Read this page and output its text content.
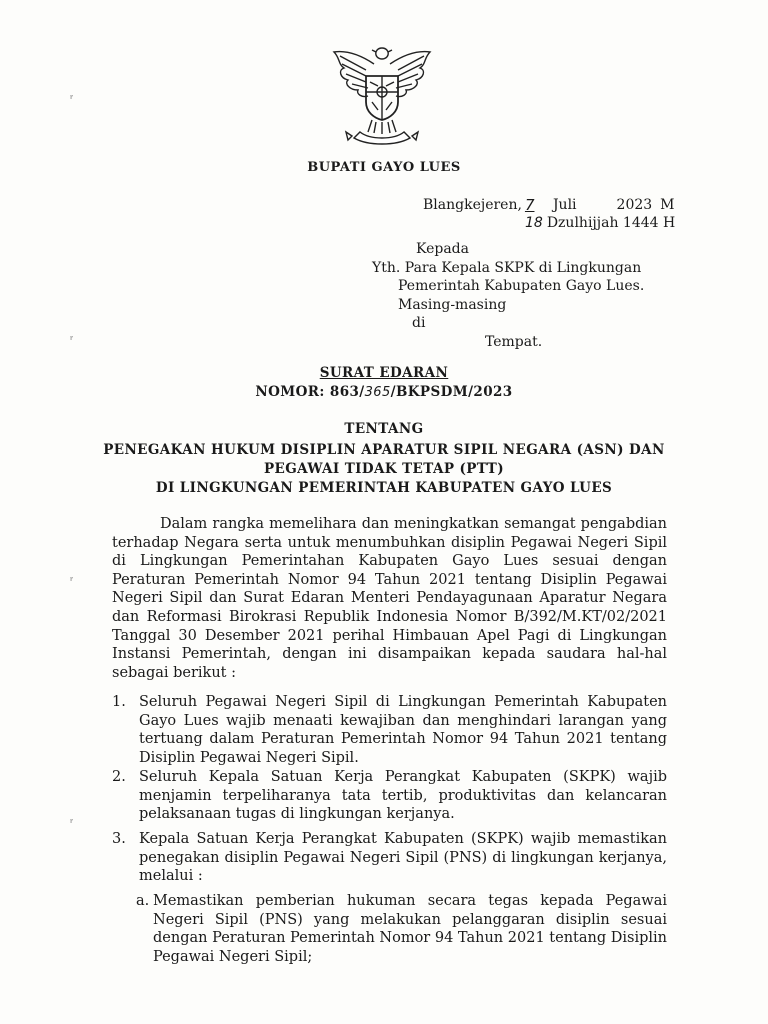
BUPATI GAYO LUES
Blangkejeren, 7	Juli	2023 M
18 Dzulhijjah 1444 H
Kepada
Yth. Para Kepala SKPK di Lingkungan
Pemerintah Kabupaten Gayo Lues.
Masing-masing
di
Tempat.
SURAT EDARAN
NOMOR: 863/365/BKPSDM/2023
TENTANG
PENEGAKAN HUKUM DISIPLIN APARATUR SIPIL NEGARA (ASN) DAN
PEGAWAI TIDAK TETAP (PTT)
DI LINGKUNGAN PEMERINTAH KABUPATEN GAYO LUES

Dalam rangka memelihara dan meningkatkan semangat pengabdian terhadap Negara serta untuk menumbuhkan disiplin Pegawai Negeri Sipil di Lingkungan Pemerintahan Kabupaten Gayo Lues sesuai dengan Peraturan Pemerintah Nomor 94 Tahun 2021 tentang Disiplin Pegawai Negeri Sipil dan Surat Edaran Menteri Pendayagunaan Aparatur Negara dan Reformasi Birokrasi Republik Indonesia Nomor B/392/M.KT/02/2021 Tanggal 30 Desember 2021 perihal Himbauan Apel Pagi di Lingkungan Instansi Pemerintah, dengan ini disampaikan kepada saudara hal-hal sebagai berikut :

1. Seluruh Pegawai Negeri Sipil di Lingkungan Pemerintah Kabupaten Gayo Lues wajib menaati kewajiban dan menghindari larangan yang tertuang dalam Peraturan Pemerintah Nomor 94 Tahun 2021 tentang Disiplin Pegawai Negeri Sipil.
2. Seluruh Kepala Satuan Kerja Perangkat Kabupaten (SKPK) wajib menjamin terpeliharanya tata tertib, produktivitas dan kelancaran pelaksanaan tugas di lingkungan kerjanya.
3. Kepala Satuan Kerja Perangkat Kabupaten (SKPK) wajib memastikan penegakan disiplin Pegawai Negeri Sipil (PNS) di lingkungan kerjanya, melalui :
a. Memastikan pemberian hukuman secara tegas kepada Pegawai Negeri Sipil (PNS) yang melakukan pelanggaran disiplin sesuai dengan Peraturan Pemerintah Nomor 94 Tahun 2021 tentang Disiplin Pegawai Negeri Sipil;
ʳ
ʳ
ʳ
ʳ
